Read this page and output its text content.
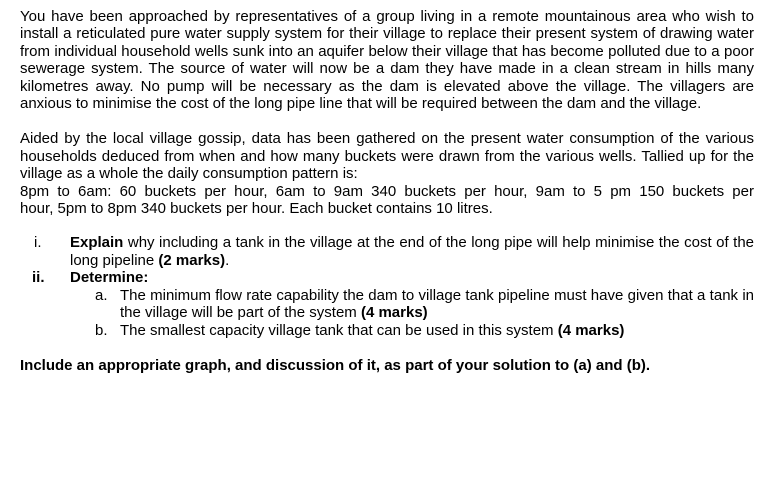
You have been approached by representatives of a group living in a remote mountainous area who wish to install a reticulated pure water supply system for their village to replace their present system of drawing water from individual household wells sunk into an aquifer below their village that has become polluted due to a poor sewerage system. The source of water will now be a dam they have made in a clean stream in hills many kilometres away. No pump will be necessary as the dam is elevated above the village. The villagers are anxious to minimise the cost of the long pipe line that will be required between the dam and the village.

Aided by the local village gossip, data has been gathered on the present water consumption of the various households deduced from when and how many buckets were drawn from the various wells. Tallied up for the village as a whole the daily consumption pattern is:
8pm to 6am: 60 buckets per hour, 6am to 9am 340 buckets per hour, 9am to 5 pm 150 buckets per
hour, 5pm to 8pm 340 buckets per hour. Each bucket contains 10 litres.

i. Explain why including a tank in the village at the end of the long pipe will help minimise the cost of the long pipeline (2 marks).
ii. Determine:
a. The minimum flow rate capability the dam to village tank pipeline must have given that a tank in the village will be part of the system (4 marks)
b. The smallest capacity village tank that can be used in this system (4 marks)

Include an appropriate graph, and discussion of it, as part of your solution to (a) and (b).
